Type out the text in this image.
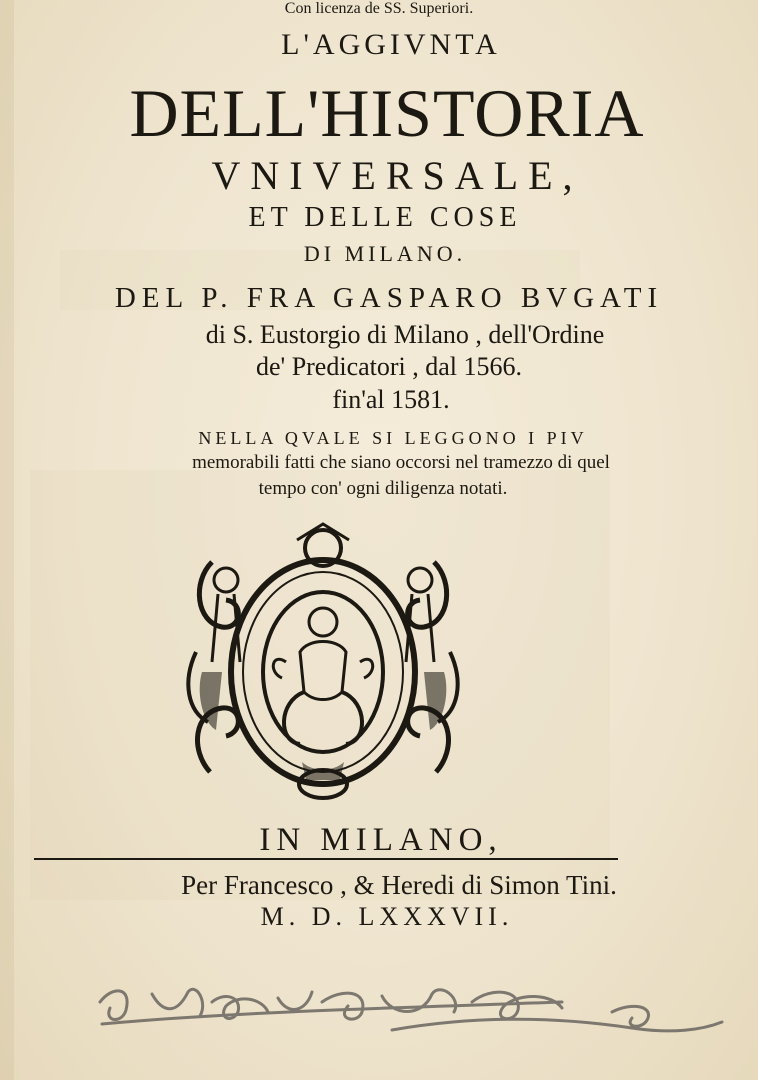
L'AGGIVNTA
DELL'HISTORIA
VNIVERSALE,
ET DELLE COSE
DI MILANO.
DEL P. FRA GASPARO BVGATI
di S. Eustorgio di Milano , dell'Ordine
de' Predicatori , dal 1566.
fin'al 1581.
NELLA QVALE SI LEGGONO I PIV
memorabili fatti che siano occorsi nel tramezzo di quel
tempo con' ogni diligenza notati.
IN MILANO,
Per Francesco , & Heredi di Simon Tini.
M. D. LXXXVII.
Con licenza de SS. Superiori.
